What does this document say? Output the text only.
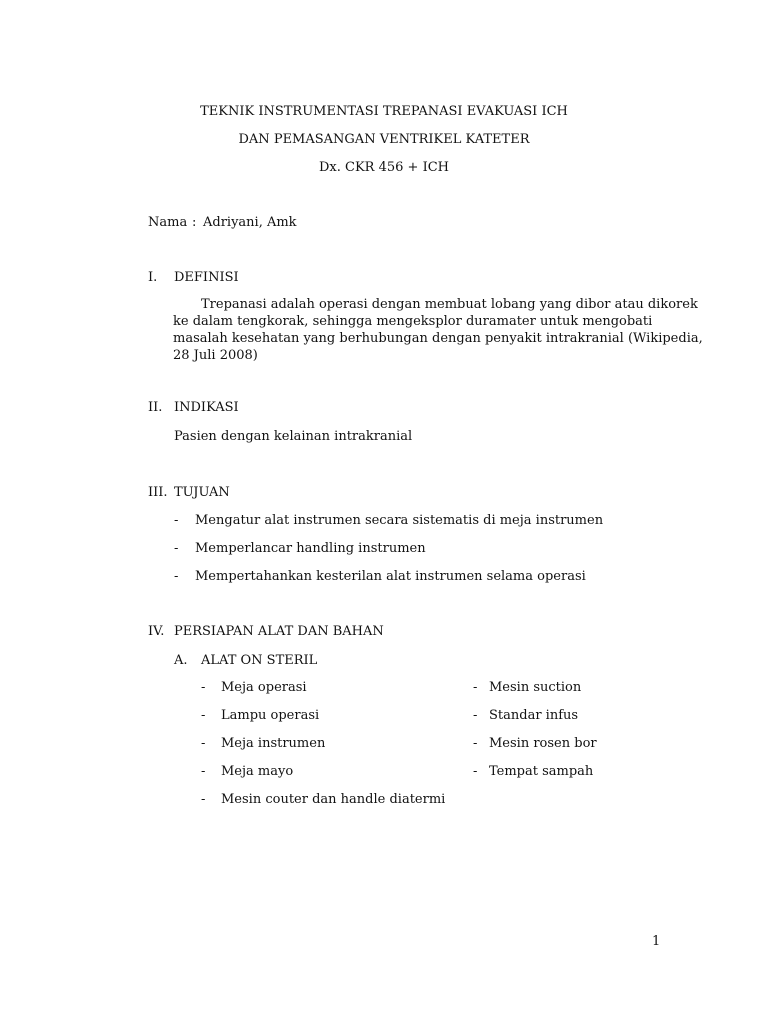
TEKNIK INSTRUMENTASI TREPANASI EVAKUASI ICH
DAN PEMASANGAN VENTRIKEL KATETER
Dx. CKR 456 + ICH
Nama : Adriyani, Amk
I. DEFINISI
Trepanasi adalah operasi dengan membuat lobang yang dibor atau dikorek
ke dalam tengkorak, sehingga mengeksplor duramater untuk mengobati
masalah kesehatan yang berhubungan dengan penyakit intrakranial (Wikipedia,
28 Juli 2008)
II. INDIKASI
Pasien dengan kelainan intrakranial
III. TUJUAN
- Mengatur alat instrumen secara sistematis di meja instrumen
- Memperlancar handling instrumen
- Mempertahankan kesterilan alat instrumen selama operasi
IV. PERSIAPAN ALAT DAN BAHAN
A. ALAT ON STERIL
- Meja operasi
- Lampu operasi
- Meja instrumen
- Meja mayo
- Mesin couter dan handle diatermi
- Mesin suction
- Standar infus
- Mesin rosen bor
- Tempat sampah
1
